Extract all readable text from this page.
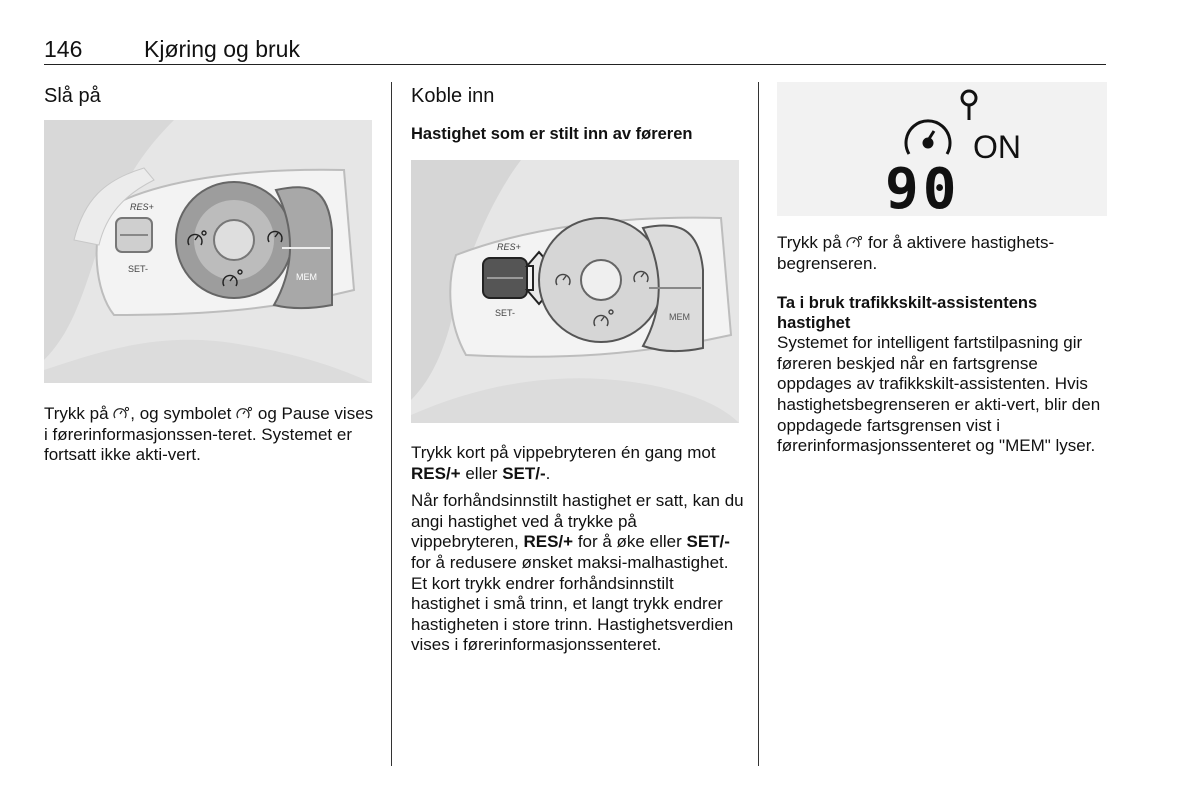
146	Kjøring og bruk
Slå på
RES+
SET-
MEM

Trykk på , og symbolet og Pause vises i førerinformasjonssen-teret. Systemet er fortsatt ikke akti-vert.

Koble inn
Hastighet som er stilt inn av føreren
RES+
SET-	MEM

Trykk kort på vippebryteren én gang mot RES/+ eller SET/-.

Når forhåndsinnstilt hastighet er satt, kan du angi hastighet ved å trykke på vippebryteren, RES/+ for å øke eller SET/- for å redusere ønsket maksi-malhastighet. Et kort trykk endrer forhåndsinnstilt hastighet i små trinn, et langt trykk endrer hastigheten i store trinn. Hastighetsverdien vises i førerinformasjonssenteret.

ON
90

Trykk på for å aktivere hastighets-begrenseren.

Ta i bruk trafikkskilt-assistentens hastighet

Systemet for intelligent fartstilpasning gir føreren beskjed når en fartsgrense oppdages av trafikkskilt-assistenten. Hvis hastighetsbegrenseren er akti-vert, blir den oppdagede fartsgrensen vist i førerinformasjonssenteret og "MEM" lyser.
